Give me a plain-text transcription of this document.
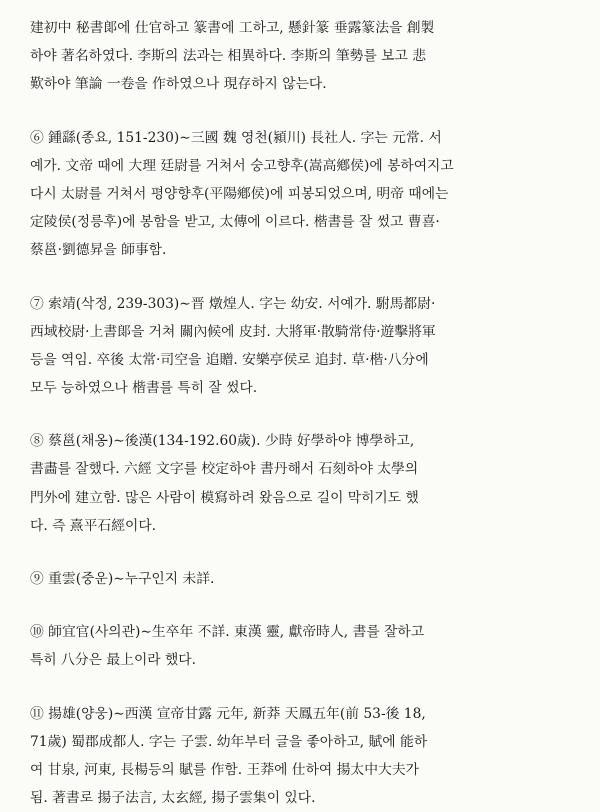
建初中 秘書郞에 仕官하고 篆書에 工하고, 懸針篆 垂露篆法을 創製
하야 著名하였다. 李斯의 法과는 相異하다. 李斯의 筆勢를 보고 悲
歎하야 筆論 一卷을 作하였으나 現存하지 않는다.

⑥ 鍾繇(종요, 151-230)∼三國 魏 영천(潁川) 長社人. 字는 元常. 서
예가. 文帝 때에 大理 廷尉를 거쳐서 숭고향후(嵩高鄕侯)에 봉하여지고
다시 太尉를 거쳐서 평양향후(平陽鄕侯)에 피봉되었으며, 明帝 때에는
定陵侯(정릉후)에 봉함을 받고, 太傳에 이르다. 楷書를 잘 썼고 曹喜·
蔡邕·劉德昇을 師事함.

⑦ 索靖(삭정, 239-303)∼晋 燉煌人. 字는 幼安. 서예가. 駙馬都尉·
西域校尉·上書郞을 거쳐 關內候에 皮封. 大將軍·散騎常侍·遊擊將軍
등을 역임. 卒後 太常·司空을 追贈. 安樂亭侯로 追封. 草·楷·八分에
모두 능하였으나 楷書를 특히 잘 썼다.

⑧ 蔡邕(채옹)∼後漢(134-192.60歲). 少時 好學하야 博學하고,
書畵를 잘했다. 六經 文字를 校定하야 書丹해서 石刻하야 太學의
門外에 建立함. 많은 사람이 模寫하려 왔음으로 길이 막히기도 했
다. 즉 熹平石經이다.

⑨ 重雲(중운)∼누구인지 未詳.

⑩ 師宜官(사의관)∼生卒年 不詳. 東漢 靈, 獻帝時人, 書를 잘하고
특히 八分은 最上이라 했다.

⑪ 揚雄(양웅)∼西漢 宣帝甘露 元年, 新莽 天鳳五年(前 53-後 18,
71歲) 蜀郡成都人. 字는 子雲. 幼年부터 글을 좋아하고, 賦에 能하
여 甘泉, 河東, 長楊등의 賦를 作함. 王莽에 仕하여 揚太中大夫가
됨. 著書로 揚子法言, 太玄經, 揚子雲集이 있다.
